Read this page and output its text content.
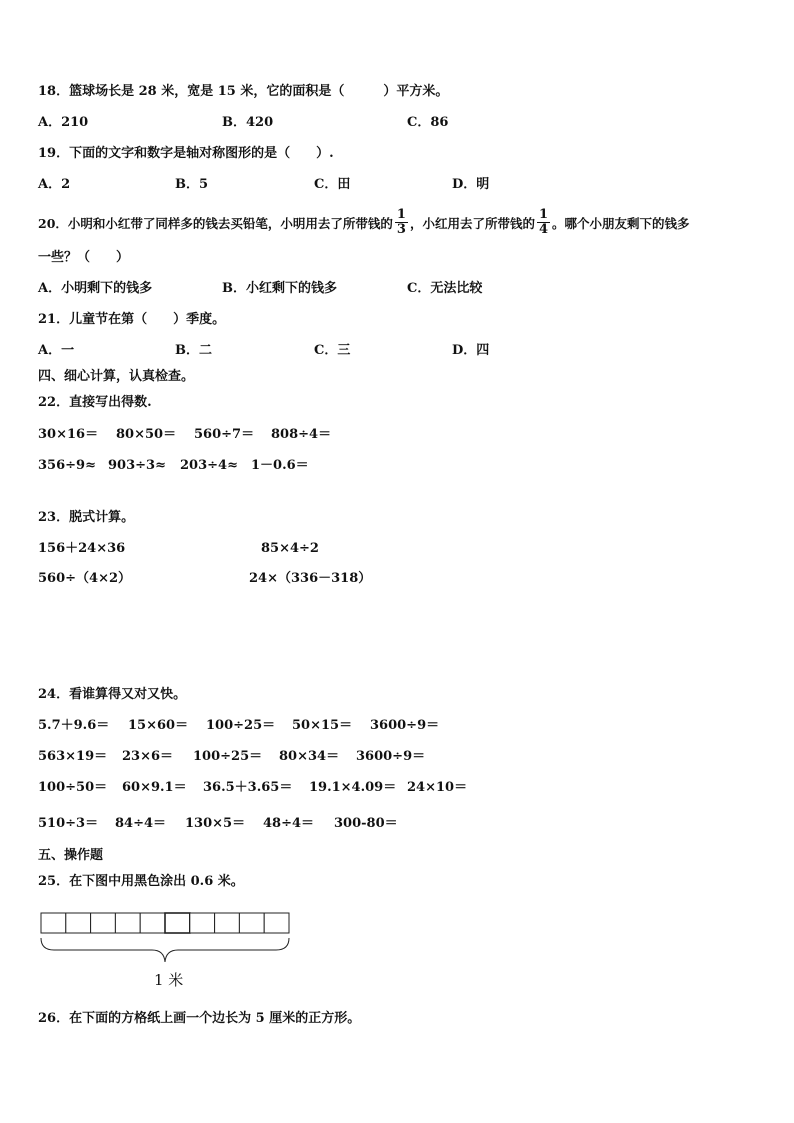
18．篮球场长是 28 米，宽是 15 米，它的面积是（　　　）平方米。
A．210	B．420	C．86
19．下面的文字和数字是轴对称图形的是（　　）.
A．2	B．5	C．田	D．明
20．小明和小红带了同样多的钱去买铅笔，小明用去了所带钱的 $\frac{1}{3}$ ，小红用去了所带钱的 $\frac{1}{4}$ 。哪个小朋友剩下的钱多
一些？（　　）
A．小明剩下的钱多	B．小红剩下的钱多	C．无法比较
21．儿童节在第（　　）季度。
A．一	B．二	C．三	D．四
四、细心计算，认真检查。
22．直接写出得数.
30×16＝ 80×50＝ 560÷7＝ 808÷4＝
356÷9≈ 903÷3≈ 203÷4≈ 1－0.6＝
23．脱式计算。
156＋24×36	85×4÷2
560÷（4×2）	24×（336－318）
24．看谁算得又对又快。
5.7＋9.6＝ 15×60＝ 100÷25＝ 50×15＝ 3600÷9＝
563×19＝ 23×6＝ 100÷25＝ 80×34＝ 3600÷9＝
100÷50＝ 60×9.1＝ 36.5＋3.65＝ 19.1×4.09＝ 24×10＝
510÷3＝ 84÷4＝ 130×5＝ 48÷4＝ 300-80＝
五、操作题
25．在下图中用黑色涂出 0.6 米。
1 米
26．在下面的方格纸上画一个边长为 5 厘米的正方形。
